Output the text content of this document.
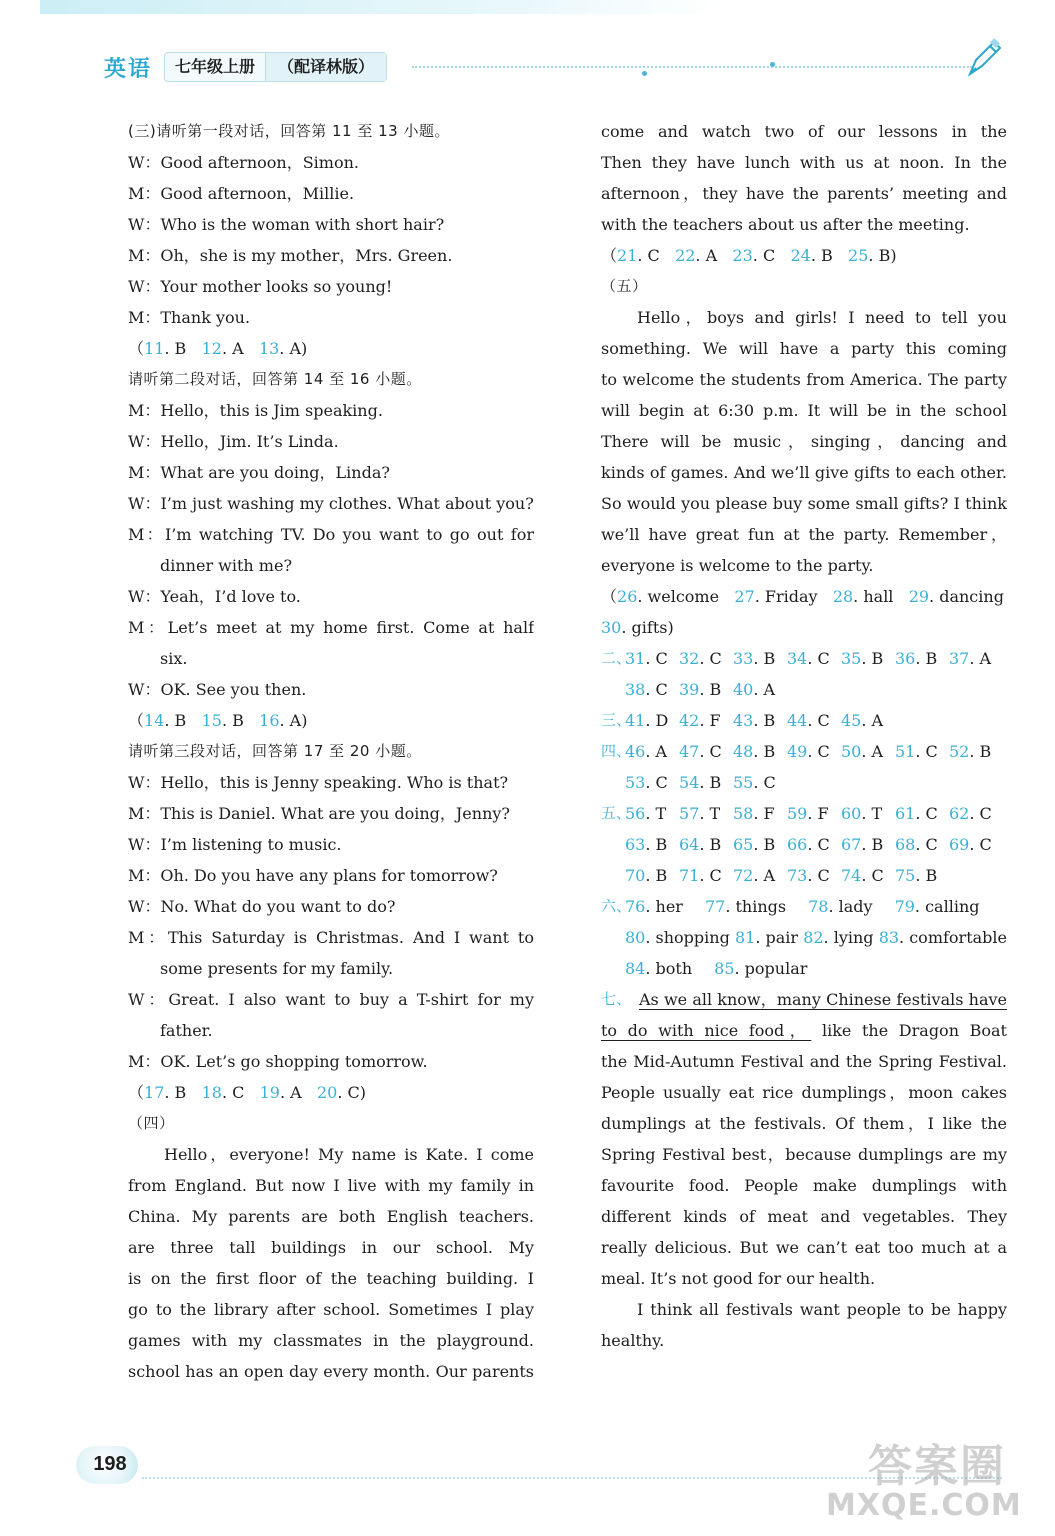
英语	七年级上册	（配译林版）
(三)请听第一段对话，回答第 11 至 13 小题。
W：Good afternoon，Simon.
M：Good afternoon，Millie.
W：Who is the woman with short hair?
M：Oh，she is my mother，Mrs. Green.
W：Your mother looks so young!
M：Thank you.
（11. B 12. A 13. A)
请听第二段对话，回答第 14 至 16 小题。
M：Hello，this is Jim speaking.
W：Hello，Jim. It’s Linda.
M：What are you doing，Linda?
W：I’m just washing my clothes. What about you?
M：I’m watching TV. Do you want to go out for
dinner with me?
W：Yeah，I’d love to.
M：Let’s meet at my home first. Come at half
six.
W：OK. See you then.
（14. B 15. B 16. A)
请听第三段对话，回答第 17 至 20 小题。
W：Hello，this is Jenny speaking. Who is that?
M：This is Daniel. What are you doing，Jenny?
W：I’m listening to music.
M：Oh. Do you have any plans for tomorrow?
W：No. What do you want to do?
M：This Saturday is Christmas. And I want to
some presents for my family.
W：Great. I also want to buy a T-shirt for my
father.
M：OK. Let’s go shopping tomorrow.
（17. B 18. C 19. A 20. C)
（四）
Hello，everyone! My name is Kate. I come
from England. But now I live with my family in
China. My parents are both English teachers.
are three tall buildings in our school. My
is on the first floor of the teaching building. I
go to the library after school. Sometimes I play
games with my classmates in the playground.
school has an open day every month. Our parents
come and watch two of our lessons in the
Then they have lunch with us at noon. In the
afternoon，they have the parents’ meeting and
with the teachers about us after the meeting.
（21. C 22. A 23. C 24. B 25. B)
（五）
Hello，boys and girls! I need to tell you
something. We will have a party this coming
to welcome the students from America. The party
will begin at 6:30 p.m. It will be in the school
There will be music，singing，dancing and
kinds of games. And we’ll give gifts to each other.
So would you please buy some small gifts? I think
we’ll have great fun at the party. Remember，
everyone is welcome to the party.
（26. welcome 27. Friday 28. hall 29. dancing
30. gifts)
二、
31. C 32. C 33. B 34. C 35. B 36. B 37. A
38. C 39. B 40. A
三、
41. D 42. F 43. B 44. C 45. A
四、
46. A 47. C 48. B 49. C 50. A 51. C 52. B
53. C 54. B 55. C
五、
56. T 57. T 58. F 59. F 60. T 61. C 62. C
63. B 64. B 65. B 66. C 67. B 68. C 69. C
70. B 71. C 72. A 73. C 74. C 75. B
六、
76. her 77. things 78. lady 79. calling
80. shopping 81. pair 82. lying 83. comfortable
84. both 85. popular
七、 As we all know，many Chinese festivals have
to do with nice food， like the Dragon Boat
the Mid-Autumn Festival and the Spring Festival.
People usually eat rice dumplings，moon cakes
dumplings at the festivals. Of them，I like the
Spring Festival best，because dumplings are my
favourite food. People make dumplings with
different kinds of meat and vegetables. They
really delicious. But we can’t eat too much at a
meal. It’s not good for our health.
I think all festivals want people to be happy
healthy.
198	答案圈
MXQE.COM
